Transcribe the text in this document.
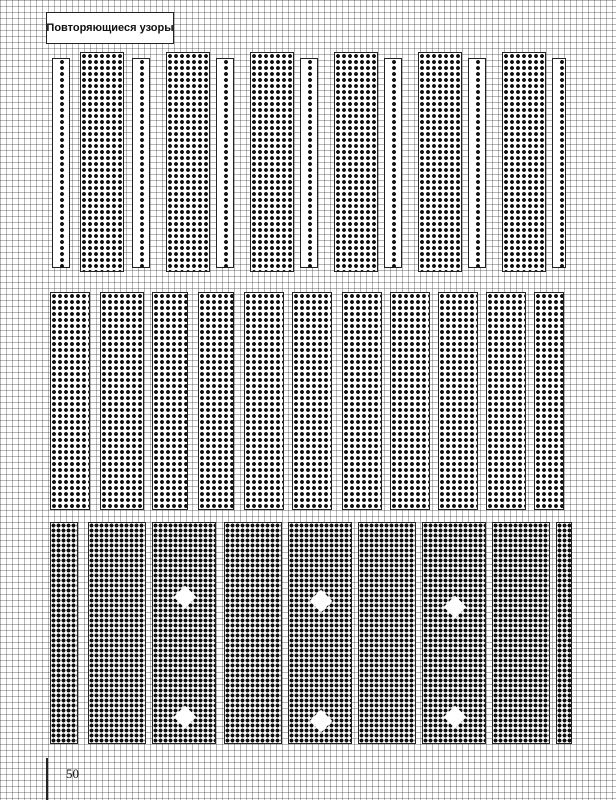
Повторяющиеся узоры
50
